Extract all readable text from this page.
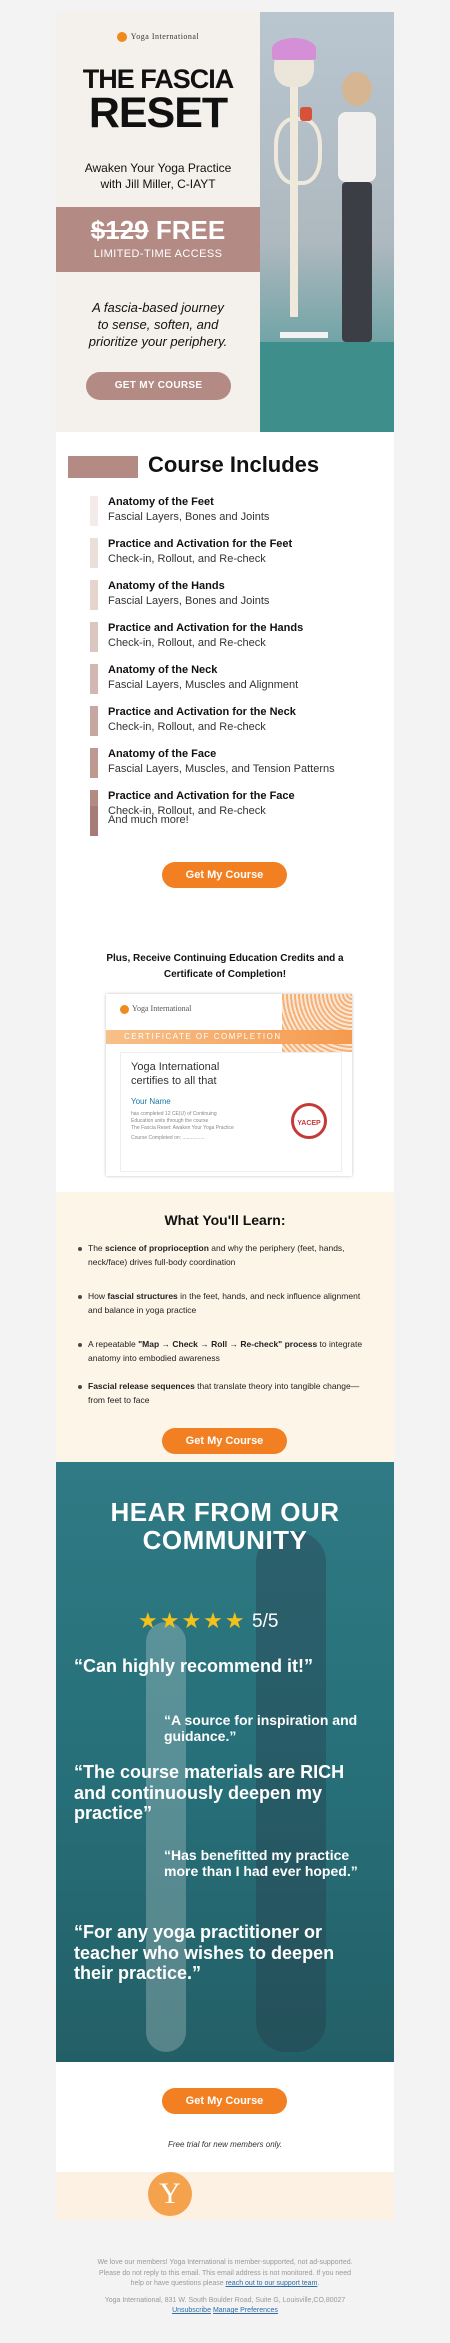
Yoga International
THE FASCIA
RESET
Awaken Your Yoga Practice
with Jill Miller, C-IAYT
$129 FREE
LIMITED-TIME ACCESS
A fascia-based journey
to sense, soften, and
prioritize your periphery.
GET MY COURSE
Course Includes
Anatomy of the Feet
Fascial Layers, Bones and Joints
Practice and Activation for the Feet
Check-in, Rollout, and Re-check
Anatomy of the Hands
Fascial Layers, Bones and Joints
Practice and Activation for the Hands
Check-in, Rollout, and Re-check
Anatomy of the Neck
Fascial Layers, Muscles and Alignment
Practice and Activation for the Neck
Check-in, Rollout, and Re-check
Anatomy of the Face
Fascial Layers, Muscles, and Tension Patterns
Practice and Activation for the Face
Check-in, Rollout, and Re-check
And much more!
Get My Course
Plus, Receive Continuing Education Credits and a
Certificate of Completion!
Yoga International
CERTIFICATE OF COMPLETION
Yoga International
certifies to all that
Your Name
has completed 12 CE(U) of Continuing
Education units through the course
The Fascia Reset: Awaken Your Yoga Practice
Course Completed on: ................
YACEP
What You'll Learn:
The science of proprioception and why the periphery (feet, hands, neck/face) drives full-body coordination
How fascial structures in the feet, hands, and neck influence alignment and balance in yoga practice
A repeatable "Map → Check → Roll → Re-check" process to integrate anatomy into embodied awareness
Fascial release sequences that translate theory into tangible change—from feet to face
Get My Course
HEAR FROM OUR
COMMUNITY
★★★★★ 5/5
“Can highly recommend it!”
“A source for inspiration and guidance.”
“The course materials are RICH and continuously deepen my practice”
“Has benefitted my practice more than I had ever hoped.”
“For any yoga practitioner or teacher who wishes to deepen their practice.”
Get My Course
Free trial for new members only.
Y
We love our members! Yoga International is member-supported, not ad-supported.
Please do not reply to this email. This email address is not monitored. If you need
help or have questions please reach out to our support team.
Yoga International, 831 W. South Boulder Road, Suite G, Louisville,CO,80027
Unsubscribe Manage Preferences
